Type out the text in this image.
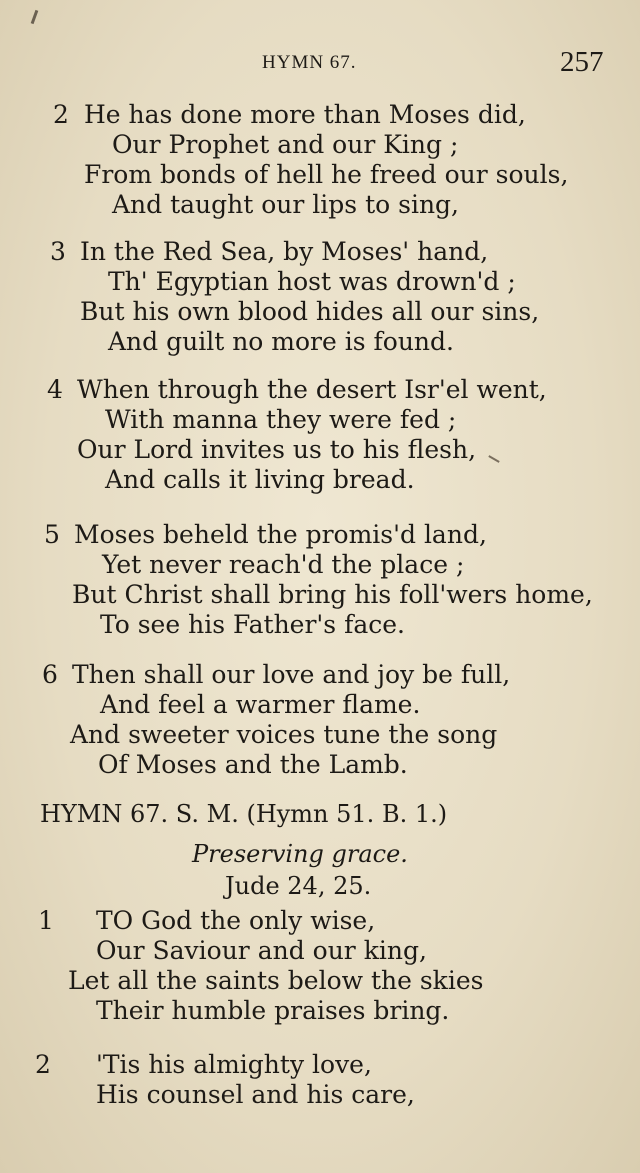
HYMN 67.	257
2 He has done more than Moses did,
Our Prophet and our King ;
From bonds of hell he freed our souls,
And taught our lips to sing,
3 In the Red Sea, by Moses' hand,
Th' Egyptian host was drown'd ;
But his own blood hides all our sins,
And guilt no more is found.
4 When through the desert Isr'el went,
With manna they were fed ;
Our Lord invites us to his flesh,
And calls it living bread.
5 Moses beheld the promis'd land,
Yet never reach'd the place ;
But Christ shall bring his foll'wers home,
To see his Father's face.
6 Then shall our love and joy be full,
And feel a warmer flame.
And sweeter voices tune the song
Of Moses and the Lamb.
HYMN 67. S. M. (Hymn 51. B. 1.)
Preserving grace.
Jude 24, 25.
1 TO God the only wise,
Our Saviour and our king,
Let all the saints below the skies
Their humble praises bring.
2 'Tis his almighty love,
His counsel and his care,
